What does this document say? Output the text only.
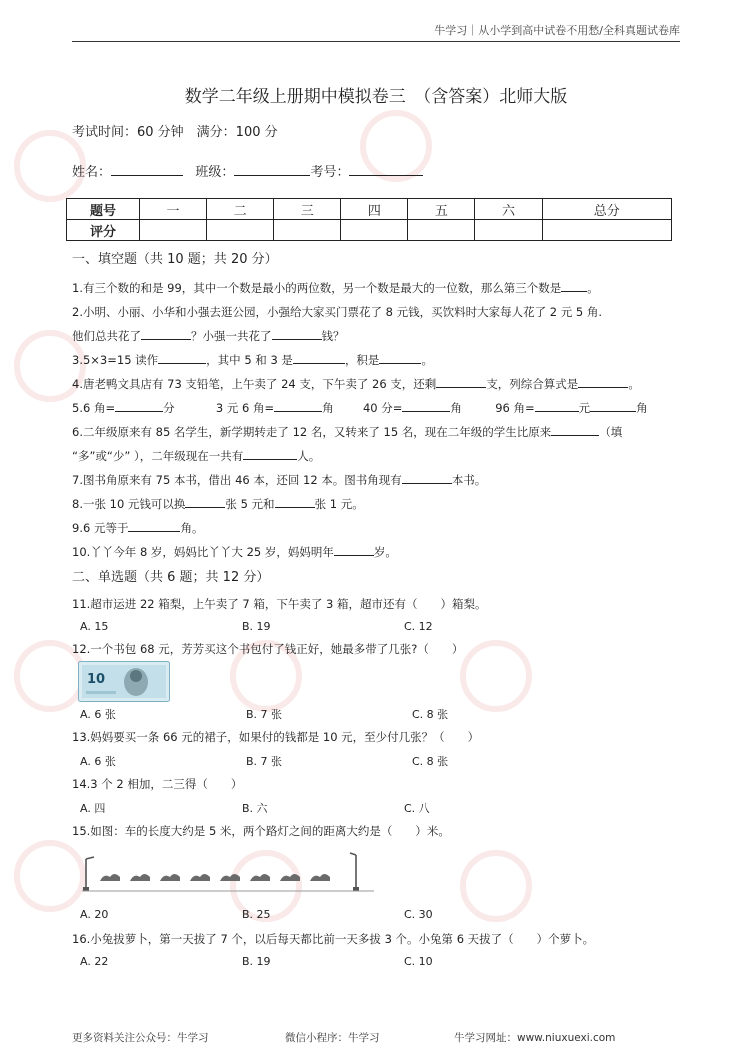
牛学习｜从小学到高中试卷不用愁/全科真题试卷库
数学二年级上册期中模拟卷三　（含答案）北师大版
考试时间：60 分钟　满分：100 分
姓名：	班级：	考号：
题号	一	二	三	四	五	六	总分
评分							
一、填空题（共 10 题；共 20 分）
1.有三个数的和是 99，其中一个数是最小的两位数，另一个数是最大的一位数，那么第三个数是 。
2.小明、小丽、小华和小强去逛公园，小强给大家买门票花了 8 元钱，买饮料时大家每人花了 2 元 5 角.
他们总共花了	？小强一共花了	钱？
3.5×3=15 读作	，其中 5 和 3 是	，积是	。
4.唐老鸭文具店有 73 支铅笔，上午卖了 24 支，下午卖了 26 支，还剩	支，列综合算式是	。
5.6 角=	分	3 元 6 角=	角	40 分=	角	96 角=	元	角
6.二年级原来有 85 名学生，新学期转走了 12 名，又转来了 15 名，现在二年级的学生比原来	（填
“多”或“少” ），二年级现在一共有	人。
7.图书角原来有 75 本书，借出 46 本，还回 12 本。图书角现有	本书。
8.一张 10 元钱可以换	张 5 元和	张 1 元。
9.6 元等于	角。
10.丫丫今年 8 岁，妈妈比丫丫大 25 岁，妈妈明年	岁。
二、单选题（共 6 题；共 12 分）
11.超市运进 22 箱梨，上午卖了 7 箱，下午卖了 3 箱，超市还有（　　）箱梨。
A. 15	B. 19	C. 12
12.一个书包 68 元，芳芳买这个书包付了钱正好，她最多带了几张?（　　）
10
A. 6 张	B. 7 张	C. 8 张
13.妈妈要买一条 66 元的裙子，如果付的钱都是 10 元，至少付几张？（　　）
A. 6 张	B. 7 张	C. 8 张
14.3 个 2 相加，二三得（　　）
A. 四	B. 六	C. 八
15.如图：车的长度大约是 5 米，两个路灯之间的距离大约是（　　）米。
A. 20	B. 25	C. 30
16.小兔拔萝卜，第一天拔了 7 个，以后每天都比前一天多拔 3 个。小兔第 6 天拔了（　　）个萝卜。
A. 22	B. 19	C. 10
更多资料关注公众号：牛学习	微信小程序：牛学习	牛学习网址：www.niuxuexi.com
